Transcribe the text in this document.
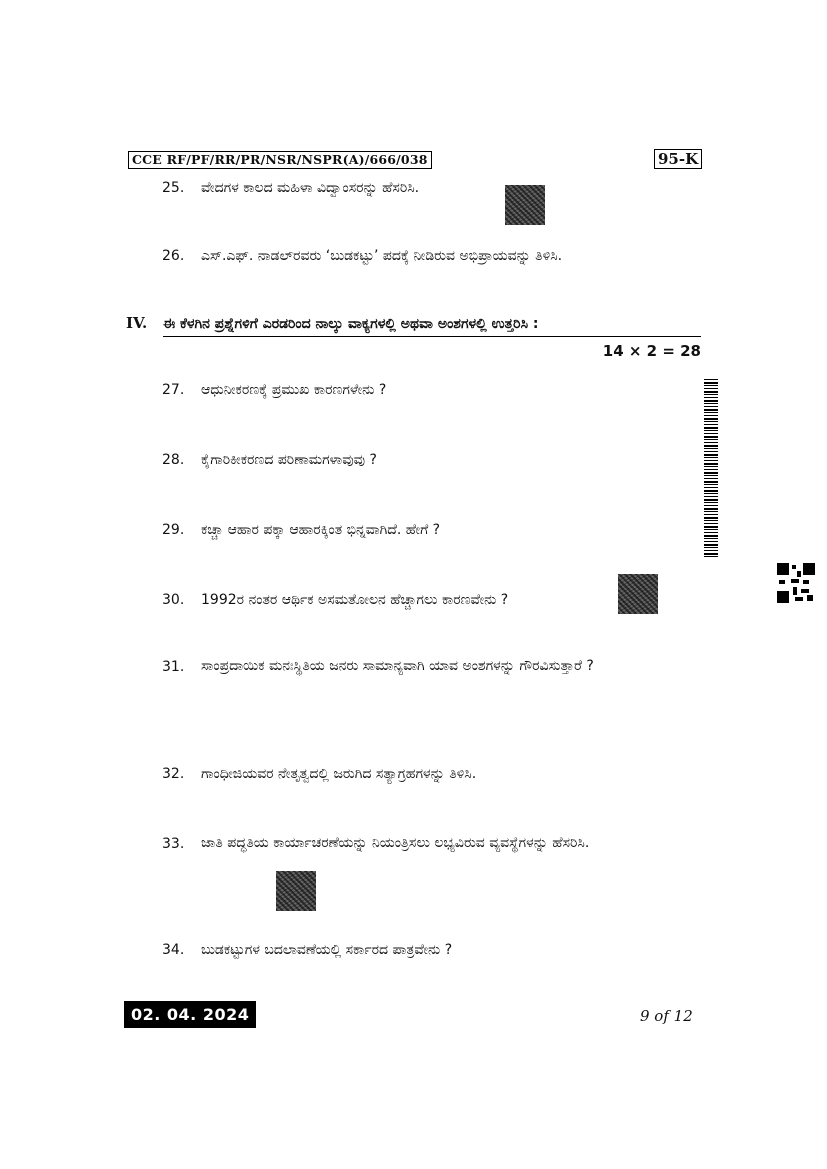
CCE RF/PF/RR/PR/NSR/NSPR(A)/666/038	95-K
25. ವೇದಗಳ ಕಾಲದ ಮಹಿಳಾ ವಿದ್ವಾಂಸರನ್ನು ಹೆಸರಿಸಿ.
26. ಎಸ್.ಎಫ್. ನಾಡಲ್‌ರವರು ‘ಬುಡಕಟ್ಟು’ ಪದಕ್ಕೆ ನೀಡಿರುವ ಅಭಿಪ್ರಾಯವನ್ನು ತಿಳಿಸಿ.
IV. ಈ ಕೆಳಗಿನ ಪ್ರಶ್ನೆಗಳಿಗೆ ಎರಡರಿಂದ ನಾಲ್ಕು ವಾಕ್ಯಗಳಲ್ಲಿ ಅಥವಾ ಅಂಶಗಳಲ್ಲಿ ಉತ್ತರಿಸಿ :
14 × 2 = 28
27. ಆಧುನೀಕರಣಕ್ಕೆ ಪ್ರಮುಖ ಕಾರಣಗಳೇನು ?
28. ಕೈಗಾರಿಕೀಕರಣದ ಪರಿಣಾಮಗಳಾವುವು ?
29. ಕಚ್ಚಾ ಆಹಾರ ಪಕ್ಕಾ ಆಹಾರಕ್ಕಿಂತ ಭಿನ್ನವಾಗಿದೆ. ಹೇಗೆ ?
30. 1992ರ ನಂತರ ಆರ್ಥಿಕ ಅಸಮತೋಲನ ಹೆಚ್ಚಾಗಲು ಕಾರಣವೇನು ?
31. ಸಾಂಪ್ರದಾಯಿಕ ಮನಃಸ್ಥಿತಿಯ ಜನರು ಸಾಮಾನ್ಯವಾಗಿ ಯಾವ ಅಂಶಗಳನ್ನು ಗೌರವಿಸುತ್ತಾರೆ ?
32. ಗಾಂಧೀಜಿಯವರ ನೇತೃತ್ವದಲ್ಲಿ ಜರುಗಿದ ಸತ್ಯಾಗ್ರಹಗಳನ್ನು ತಿಳಿಸಿ.
33. ಜಾತಿ ಪದ್ಧತಿಯ ಕಾರ್ಯಾಚರಣೆಯನ್ನು ನಿಯಂತ್ರಿಸಲು ಲಭ್ಯವಿರುವ ವ್ಯವಸ್ಥೆಗಳನ್ನು ಹೆಸರಿಸಿ.
34. ಬುಡಕಟ್ಟುಗಳ ಬದಲಾವಣೆಯಲ್ಲಿ ಸರ್ಕಾರದ ಪಾತ್ರವೇನು ?
02. 04. 2024	9 of 12
